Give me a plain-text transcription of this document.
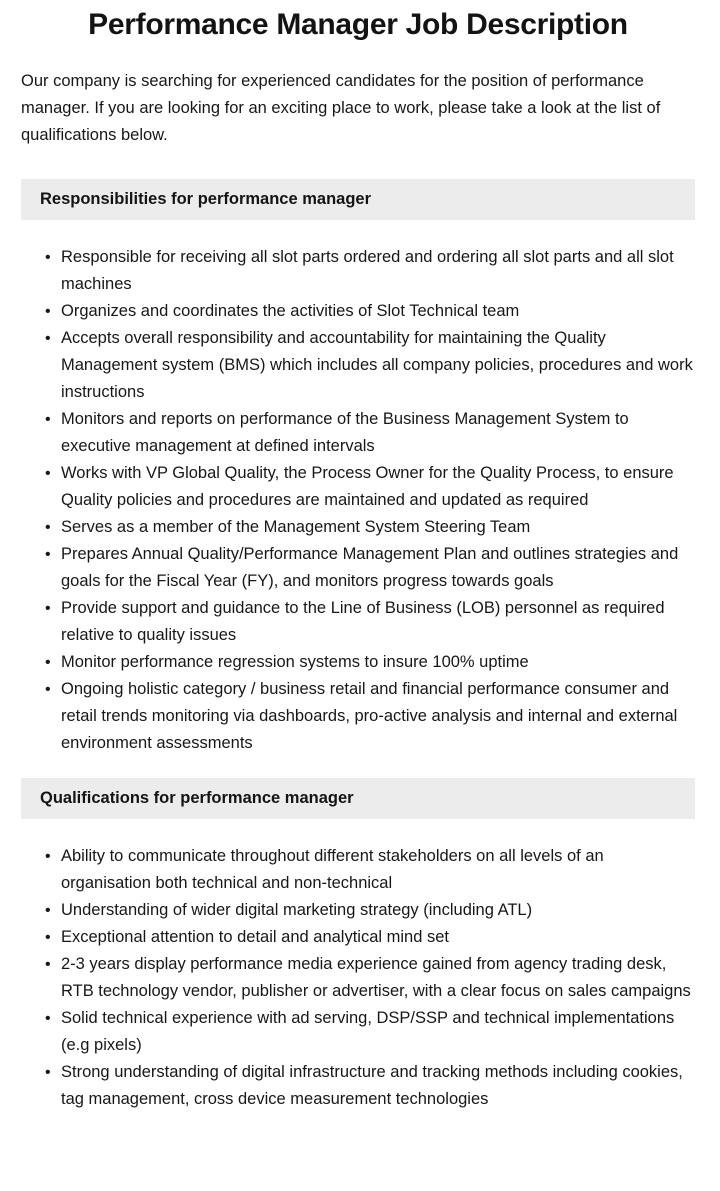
Performance Manager Job Description

Our company is searching for experienced candidates for the position of performance manager. If you are looking for an exciting place to work, please take a look at the list of qualifications below.

Responsibilities for performance manager
• Responsible for receiving all slot parts ordered and ordering all slot parts and all slot machines
• Organizes and coordinates the activities of Slot Technical team
• Accepts overall responsibility and accountability for maintaining the Quality Management system (BMS) which includes all company policies, procedures and work instructions
• Monitors and reports on performance of the Business Management System to executive management at defined intervals
• Works with VP Global Quality, the Process Owner for the Quality Process, to ensure Quality policies and procedures are maintained and updated as required
• Serves as a member of the Management System Steering Team
• Prepares Annual Quality/Performance Management Plan and outlines strategies and goals for the Fiscal Year (FY), and monitors progress towards goals
• Provide support and guidance to the Line of Business (LOB) personnel as required relative to quality issues
• Monitor performance regression systems to insure 100% uptime
• Ongoing holistic category / business retail and financial performance consumer and retail trends monitoring via dashboards, pro-active analysis and internal and external environment assessments
Qualifications for performance manager
• Ability to communicate throughout different stakeholders on all levels of an organisation both technical and non-technical
• Understanding of wider digital marketing strategy (including ATL)
• Exceptional attention to detail and analytical mind set
• 2-3 years display performance media experience gained from agency trading desk, RTB technology vendor, publisher or advertiser, with a clear focus on sales campaigns
• Solid technical experience with ad serving, DSP/SSP and technical implementations (e.g pixels)
• Strong understanding of digital infrastructure and tracking methods including cookies, tag management, cross device measurement technologies
